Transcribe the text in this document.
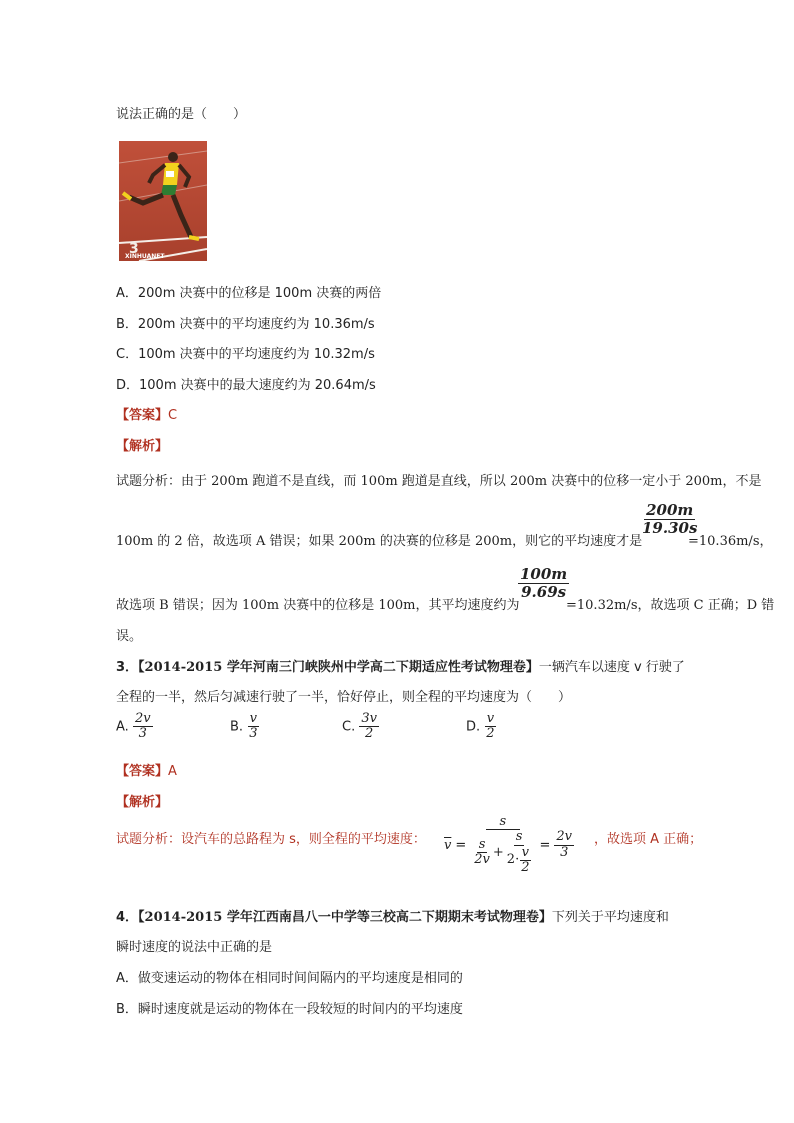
说法正确的是（　　）
3
XINHUANET
A．200m 决赛中的位移是 100m 决赛的两倍
B．200m 决赛中的平均速度约为 10.36m/s
C．100m 决赛中的平均速度约为 10.32m/s
D．100m 决赛中的最大速度约为 20.64m/s
【答案】C
【解析】
试题分析：由于 200m 跑道不是直线，而 100m 跑道是直线，所以 200m 决赛中的位移一定小于 200m，不是
100m 的 2 倍，故选项 A 错误；如果 200m 的决赛的位移是 200m，则它的平均速度才是
$\frac{200m}{19.30s}$
=10.36m/s，
故选项 B 错误；因为 100m 决赛中的位移是 100m，其平均速度约为
$\frac{100m}{9.69s}$
=10.32m/s，故选项 C 正确；D 错
误。
3．【2014-2015 学年河南三门峡陕州中学高二下期适应性考试物理卷】一辆汽车以速度 v 行驶了
全程的一半，然后匀减速行驶了一半，恰好停止，则全程的平均速度为（　　）
A. $\frac{2v}{3}$	B. $\frac{v}{3}$	C. $\frac{3v}{2}$	D. $\frac{v}{2}$
【答案】A
【解析】
试题分析：设汽车的总路程为 s，则全程的平均速度： $\overline{v} = \frac{s}{\frac{s}{2v} + \frac{s}{2\cdot \frac{v}{2}}} = \frac{2v}{3}$ ，故选项 A 正确；
4．【2014-2015 学年江西南昌八一中学等三校高二下期期末考试物理卷】下列关于平均速度和
瞬时速度的说法中正确的是
A．做变速运动的物体在相同时间间隔内的平均速度是相同的
B．瞬时速度就是运动的物体在一段较短的时间内的平均速度
